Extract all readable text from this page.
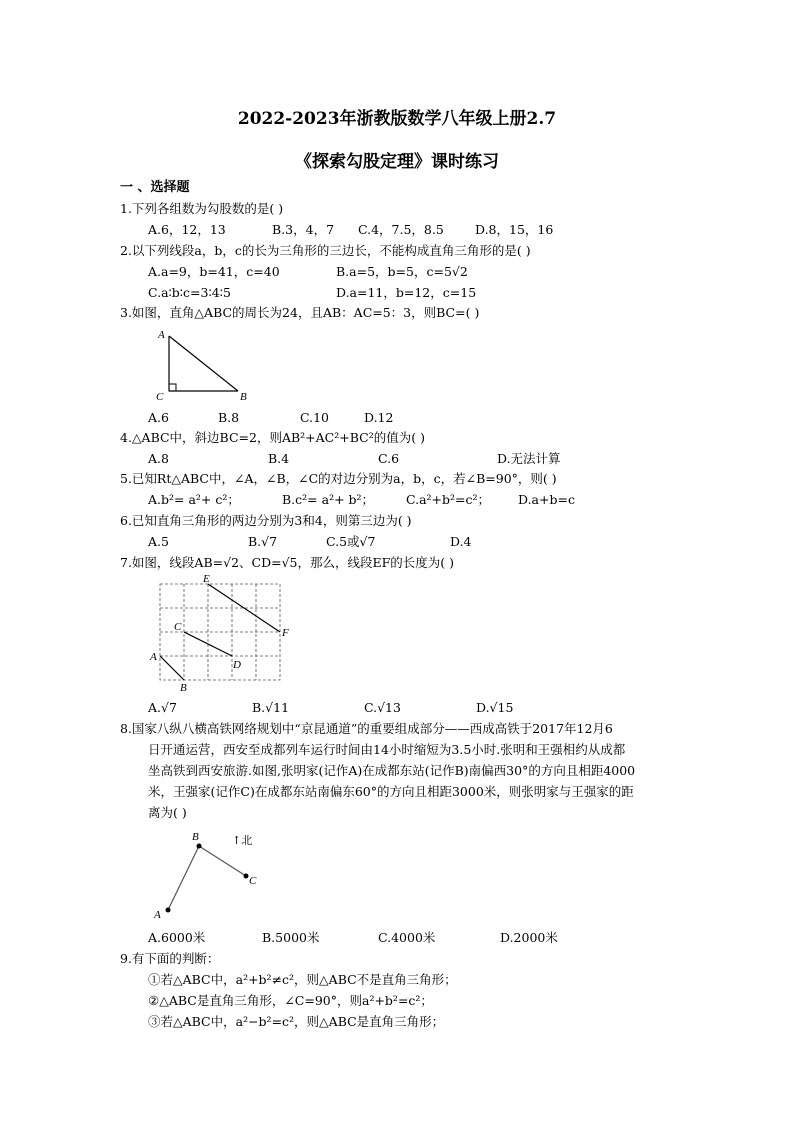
2022-2023年浙教版数学八年级上册2.7
《探索勾股定理》课时练习
一 、选择题
1.下列各组数为勾股数的是( )
A.6，12，13	B.3，4，7 C.4，7.5，8.5 D.8，15，16
2.以下列线段a，b，c的长为三角形的三边长，不能构成直角三角形的是( )
A.a=9，b=41，c=40	B.a=5，b=5，c=5√2
C.a∶b∶c=3∶4∶5	D.a=11，b=12，c=15
3.如图，直角△ABC的周长为24，且AB：AC=5：3，则BC=( )
A
C	B
A.6	B.8	C.10	D.12
4.△ABC中，斜边BC=2，则AB²+AC²+BC²的值为( )
A.8	B.4	C.6	D.无法计算
5.已知Rt△ABC中，∠A，∠B，∠C的对边分别为a，b，c，若∠B=90°，则( )
A.b²= a²+ c²；	B.c²= a²+ b²；	C.a²+b²=c²； D.a+b=c
6.已知直角三角形的两边分别为3和4，则第三边为( )
A.5	B.√7	C.5或√7	D.4
7.如图，线段AB=√2、CD=√5，那么，线段EF的长度为( )
E
F
C
D
A
B
A.√7	B.√11	C.√13	D.√15
8.国家八纵八横高铁网络规划中“京昆通道”的重要组成部分——西成高铁于2017年12月6
日开通运营，西安至成都列车运行时间由14小时缩短为3.5小时.张明和王强相约从成都
坐高铁到西安旅游.如图,张明家(记作A)在成都东站(记作B)南偏西30°的方向且相距4000
米，王强家(记作C)在成都东站南偏东60°的方向且相距3000米，则张明家与王强家的距
离为( )
B
C
A
↑北
A.6000米	B.5000米	C.4000米	D.2000米
9.有下面的判断：
①若△ABC中，a²+b²≠c²，则△ABC不是直角三角形；
②△ABC是直角三角形，∠C=90°，则a²+b²=c²；
③若△ABC中，a²−b²=c²，则△ABC是直角三角形；
